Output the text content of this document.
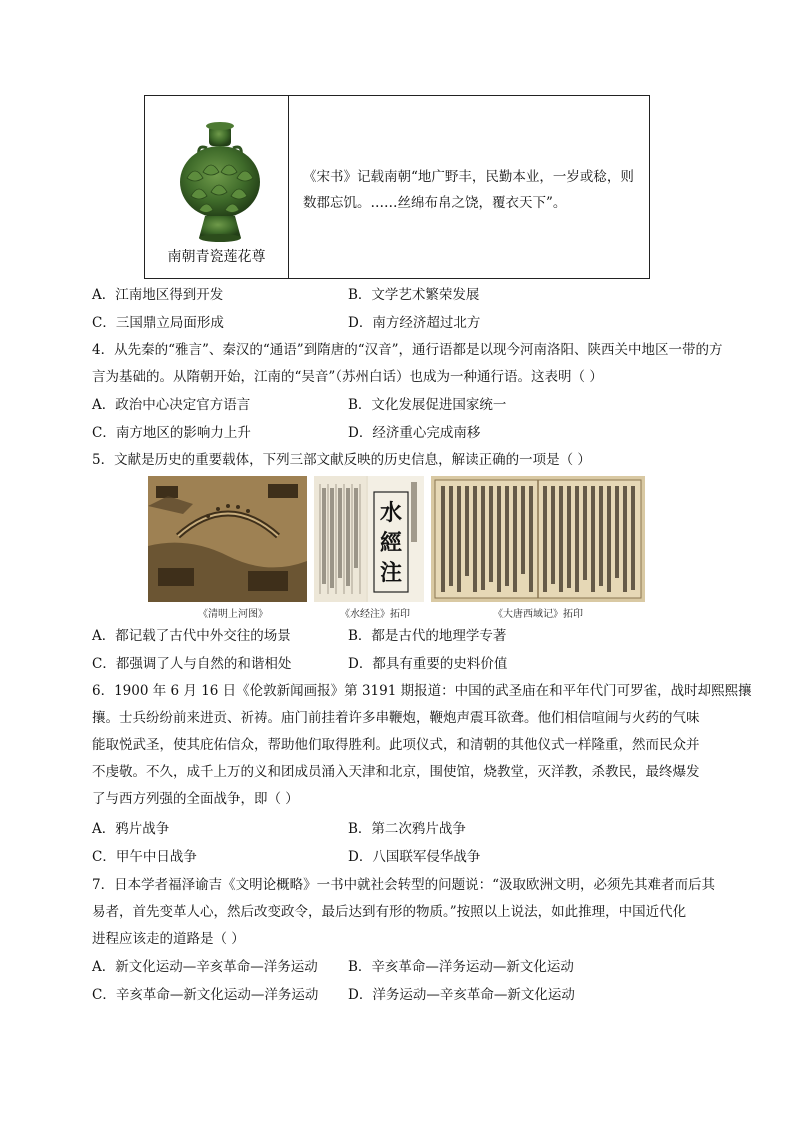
南朝青瓷莲花尊
《宋书》记载南朝“地广野丰，民勤本业，一岁或稔，则数郡忘饥。……丝绵布帛之饶，覆衣天下”。
A．江南地区得到开发	B．文学艺术繁荣发展
C．三国鼎立局面形成	D．南方经济超过北方
4．从先秦的“雅言”、秦汉的“通语”到隋唐的“汉音”，通行语都是以现今河南洛阳、陕西关中地区一带的方
言为基础的。从隋朝开始，江南的“吴音”（苏州白话）也成为一种通行语。这表明（ ）
A．政治中心决定官方语言	B．文化发展促进国家统一
C．南方地区的影响力上升	D．经济重心完成南移
5．文献是历史的重要载体，下列三部文献反映的历史信息，解读正确的一项是（ ）
《清明上河图》
水
經
注
《水经注》拓印	《大唐西域记》拓印
A．都记载了古代中外交往的场景	B．都是古代的地理学专著
C．都强调了人与自然的和谐相处	D．都具有重要的史料价值
6．1900 年 6 月 16 日《伦敦新闻画报》第 3191 期报道：中国的武圣庙在和平年代门可罗雀，战时却熙熙攘
攘。士兵纷纷前来进贡、祈祷。庙门前挂着许多串鞭炮，鞭炮声震耳欲聋。他们相信喧闹与火药的气味
能取悦武圣，使其庇佑信众，帮助他们取得胜利。此项仪式，和清朝的其他仪式一样隆重，然而民众并
不虔敬。不久，成千上万的义和团成员涌入天津和北京，围使馆，烧教堂，灭洋教，杀教民，最终爆发
了与西方列强的全面战争，即（ ）
A．鸦片战争	B．第二次鸦片战争
C．甲午中日战争	D．八国联军侵华战争
7．日本学者福泽谕吉《文明论概略》一书中就社会转型的问题说：“汲取欧洲文明，必须先其难者而后其
易者，首先变革人心，然后改变政令，最后达到有形的物质。”按照以上说法，如此推理，中国近代化
进程应该走的道路是（ ）
A．新文化运动—辛亥革命—洋务运动 B．辛亥革命—洋务运动—新文化运动
C．辛亥革命—新文化运动—洋务运动 D．洋务运动—辛亥革命—新文化运动
